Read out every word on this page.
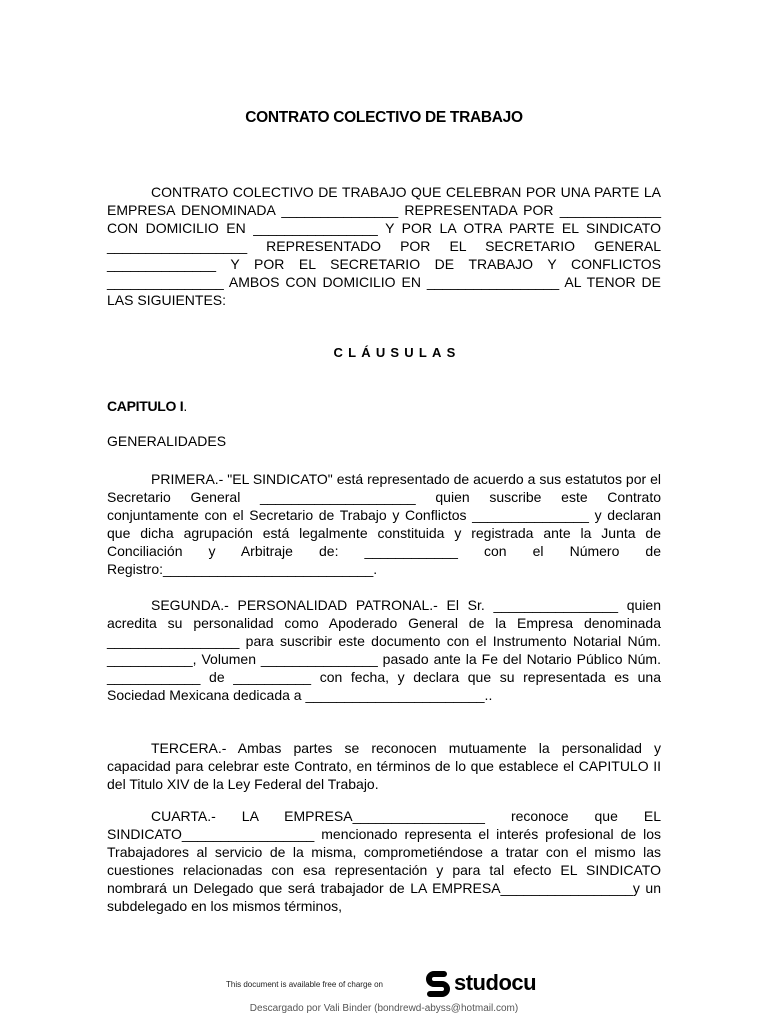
CONTRATO COLECTIVO DE TRABAJO
CONTRATO COLECTIVO DE TRABAJO QUE CELEBRAN POR UNA PARTE LA EMPRESA DENOMINADA _______________ REPRESENTADA POR _____________ CON DOMICILIO EN ________________ Y POR LA OTRA PARTE EL SINDICATO __________________ REPRESENTADO POR EL SECRETARIO GENERAL ______________ Y POR EL SECRETARIO DE TRABAJO Y CONFLICTOS _______________ AMBOS CON DOMICILIO EN _________________ AL TENOR DE LAS SIGUIENTES:
CLÁUSULAS
CAPITULO I.
GENERALIDADES
PRIMERA.- "EL SINDICATO" está representado de acuerdo a sus estatutos por el Secretario General ____________________ quien suscribe este Contrato conjuntamente con el Secretario de Trabajo y Conflictos _______________ y declaran que dicha agrupación está legalmente constituida y registrada ante la Junta de Conciliación y Arbitraje de: ____________ con el Número de Registro:___________________________.
SEGUNDA.- PERSONALIDAD PATRONAL.- El Sr. ________________ quien acredita su personalidad como Apoderado General de la Empresa denominada _________________ para suscribir este documento con el Instrumento Notarial Núm. ___________, Volumen _______________ pasado ante la Fe del Notario Público Núm. ____________ de __________ con fecha, y declara que su representada es una Sociedad Mexicana dedicada a _______________________..
TERCERA.- Ambas partes se reconocen mutuamente la personalidad y capacidad para celebrar este Contrato, en términos de lo que establece el CAPITULO II del Titulo XIV de la Ley Federal del Trabajo.
CUARTA.- LA EMPRESA_________________ reconoce que EL SINDICATO_________________ mencionado representa el interés profesional de los Trabajadores al servicio de la misma, comprometiéndose a tratar con el mismo las cuestiones relacionadas con esa representación y para tal efecto EL SINDICATO nombrará un Delegado que será trabajador de LA EMPRESA_________________y un subdelegado en los mismos términos,
This document is available free of charge on	studocu
Descargado por Vali Binder (bondrewd-abyss@hotmail.com)
